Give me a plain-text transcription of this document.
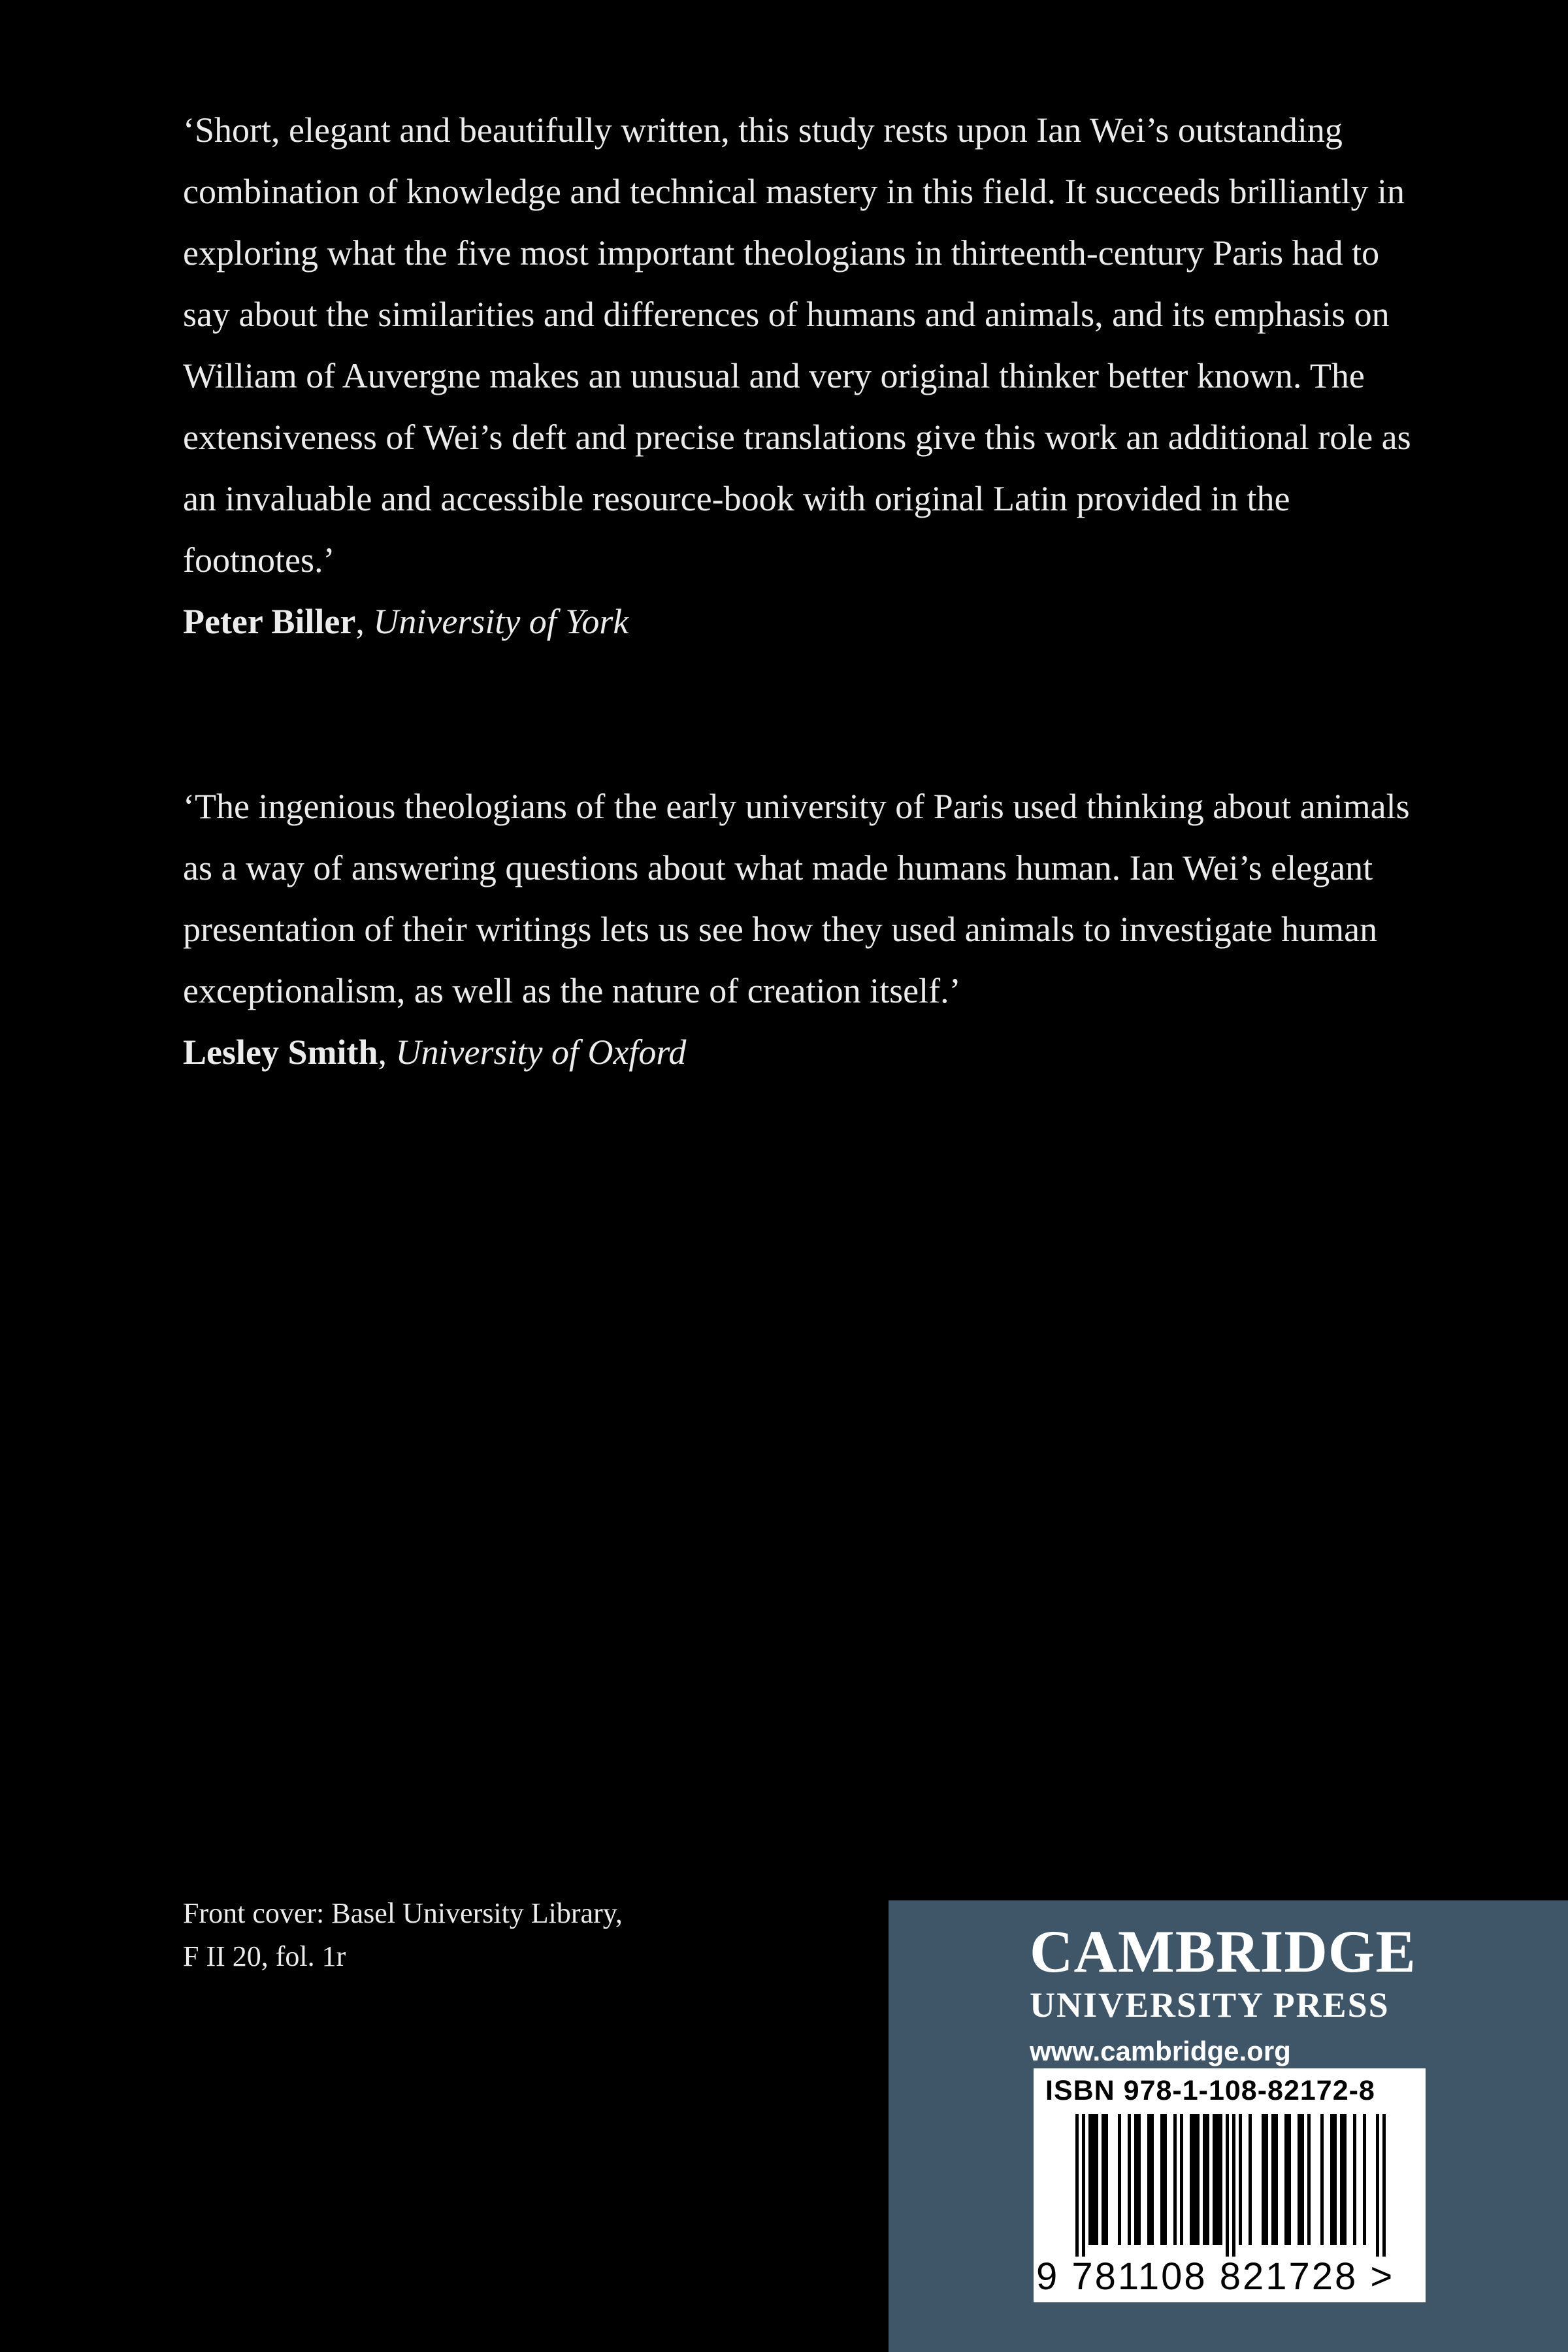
‘Short, elegant and beautifully written, this study rests upon Ian Wei’s outstanding combination of knowledge and technical mastery in this field. It succeeds brilliantly in exploring what the five most important theologians in thirteenth-century Paris had to say about the similarities and differences of humans and animals, and its emphasis on William of Auvergne makes an unusual and very original thinker better known. The extensiveness of Wei’s deft and precise translations give this work an additional role as an invaluable and accessible resource-book with original Latin provided in the footnotes.’

Peter Biller, University of York

‘The ingenious theologians of the early university of Paris used thinking about animals as a way of answering questions about what made humans human. Ian Wei’s elegant presentation of their writings lets us see how they used animals to investigate human exceptionalism, as well as the nature of creation itself.’

Lesley Smith, University of Oxford

Front cover: Basel University Library,
F II 20, fol. 1r	CAMBRIDGE
UNIVERSITY PRESS
www.cambridge.org
ISBN 978-1-108-82172-8
9 781108 821728 >
